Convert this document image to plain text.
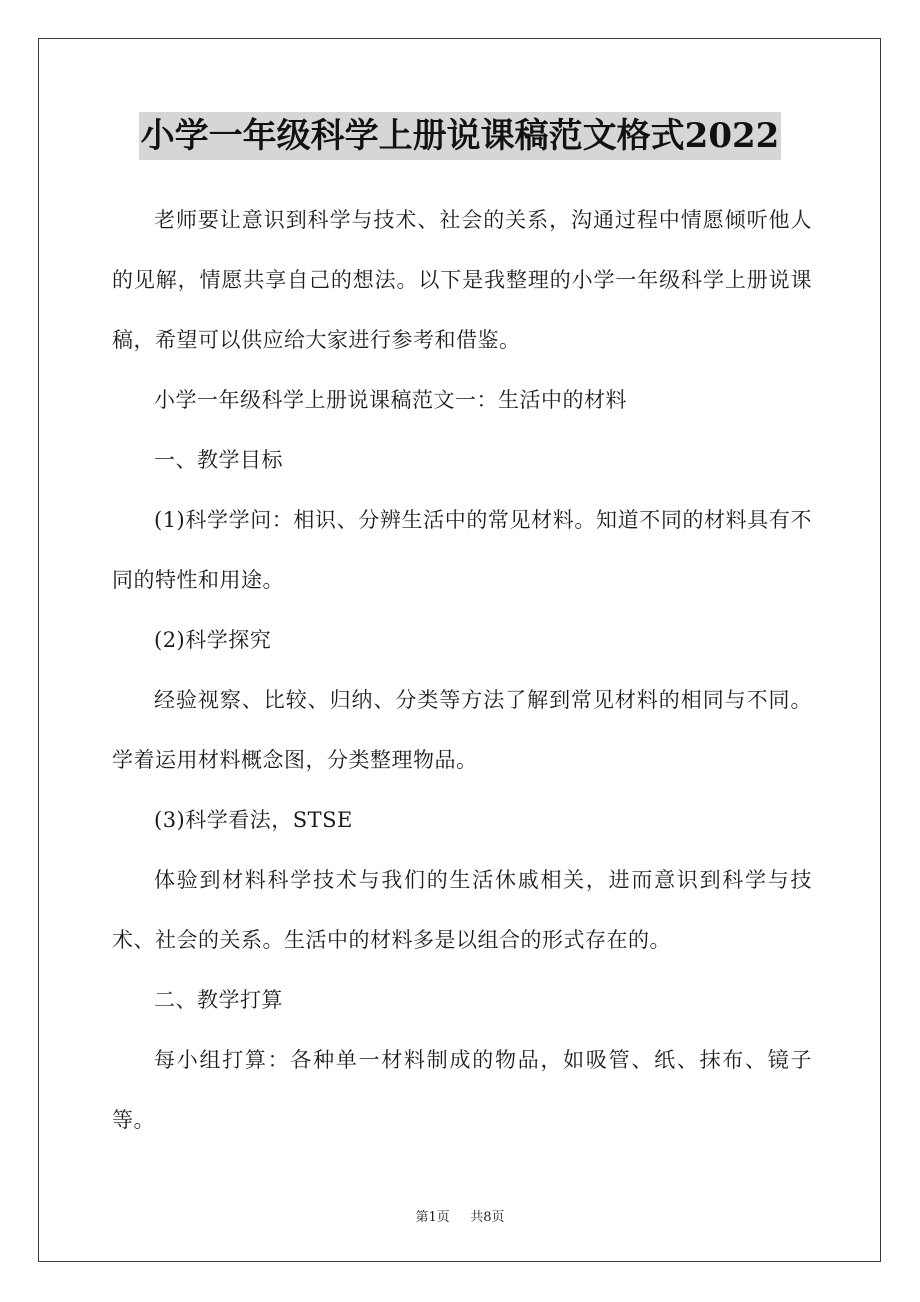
小学一年级科学上册说课稿范文格式2022

老师要让意识到科学与技术、社会的关系，沟通过程中情愿倾听他人的见解，情愿共享自己的想法。以下是我整理的小学一年级科学上册说课稿，希望可以供应给大家进行参考和借鉴。

小学一年级科学上册说课稿范文一：生活中的材料

一、教学目标

(1)科学学问：相识、分辨生活中的常见材料。知道不同的材料具有不同的特性和用途。

(2)科学探究

经验视察、比较、归纳、分类等方法了解到常见材料的相同与不同。学着运用材料概念图，分类整理物品。

(3)科学看法，STSE

体验到材料科学技术与我们的生活休戚相关，进而意识到科学与技术、社会的关系。生活中的材料多是以组合的形式存在的。

二、教学打算

每小组打算：各种单一材料制成的物品，如吸管、纸、抹布、镜子等。

第1页 共8页
